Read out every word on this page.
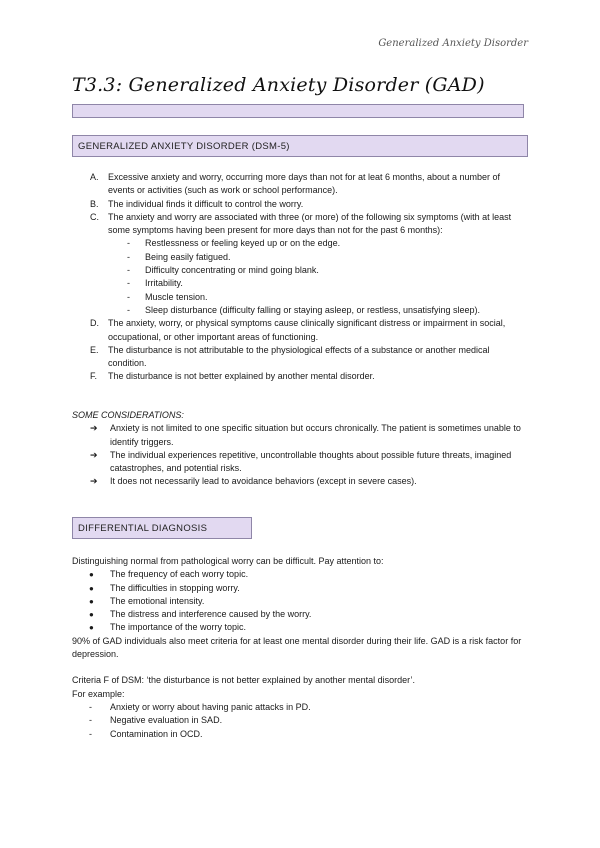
Generalized Anxiety Disorder
T3.3: Generalized Anxiety Disorder (GAD)
GENERALIZED ANXIETY DISORDER (DSM-5)
A.	Excessive anxiety and worry, occurring more days than not for at leat 6 months, about a number of events or activities (such as work or school performance).
B.	The individual finds it difficult to control the worry.
C.	The anxiety and worry are associated with three (or more) of the following six symptoms (with at least some symptoms having been present for more days than not for the past 6 months):
- Restlessness or feeling keyed up or on the edge.
- Being easily fatigued.
- Difficulty concentrating or mind going blank.
- Irritability.
- Muscle tension.
- Sleep disturbance (difficulty falling or staying asleep, or restless, unsatisfying sleep).
D.	The anxiety, worry, or physical symptoms cause clinically significant distress or impairment in social, occupational, or other important areas of functioning.
E.	The disturbance is not attributable to the physiological effects of a substance or another medical condition.
F.	The disturbance is not better explained by another mental disorder.
SOME CONSIDERATIONS:
➔ Anxiety is not limited to one specific situation but occurs chronically. The patient is sometimes unable to identify triggers.
➔ The individual experiences repetitive, uncontrollable thoughts about possible future threats, imagined catastrophes, and potential risks.
➔ It does not necessarily lead to avoidance behaviors (except in severe cases).
DIFFERENTIAL DIAGNOSIS
Distinguishing normal from pathological worry can be difficult. Pay attention to:
● The frequency of each worry topic.
● The difficulties in stopping worry.
● The emotional intensity.
● The distress and interference caused by the worry.
● The importance of the worry topic.
90% of GAD individuals also meet criteria for at least one mental disorder during their life. GAD is a risk factor for depression.
Criteria F of DSM: ‘the disturbance is not better explained by another mental disorder’.
For example:
- Anxiety or worry about having panic attacks in PD.
- Negative evaluation in SAD.
- Contamination in OCD.
